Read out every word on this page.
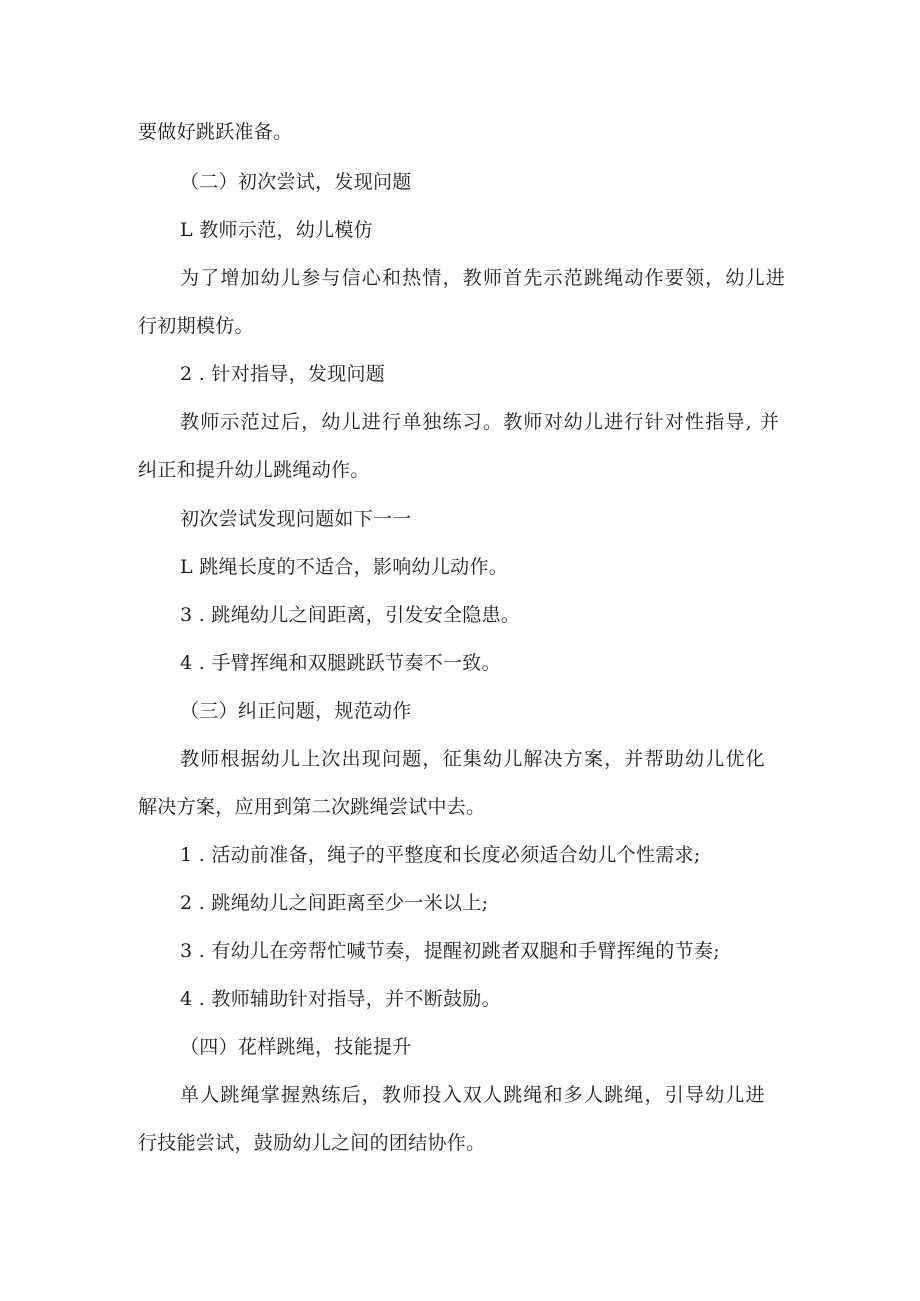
要做好跳跃准备。

（二）初次尝试，发现问题

L 教师示范，幼儿模仿

为了增加幼儿参与信心和热情，教师首先示范跳绳动作要领，幼儿进

行初期模仿。

2 . 针对指导，发现问题

教师示范过后，幼儿进行单独练习。教师对幼儿进行针对性指导, 并

纠正和提升幼儿跳绳动作。

初次尝试发现问题如下一一

L 跳绳长度的不适合，影响幼儿动作。

3 . 跳绳幼儿之间距离，引发安全隐患。

4 . 手臂挥绳和双腿跳跃节奏不一致。

（三）纠正问题，规范动作

教师根据幼儿上次出现问题，征集幼儿解决方案，并帮助幼儿优化

解决方案，应用到第二次跳绳尝试中去。

1 . 活动前准备，绳子的平整度和长度必须适合幼儿个性需求;

2 . 跳绳幼儿之间距离至少一米以上;

3 . 有幼儿在旁帮忙喊节奏，提醒初跳者双腿和手臂挥绳的节奏;

4 . 教师辅助针对指导，并不断鼓励。

（四）花样跳绳，技能提升

单人跳绳掌握熟练后，教师投入双人跳绳和多人跳绳，引导幼儿进

行技能尝试，鼓励幼儿之间的团结协作。
